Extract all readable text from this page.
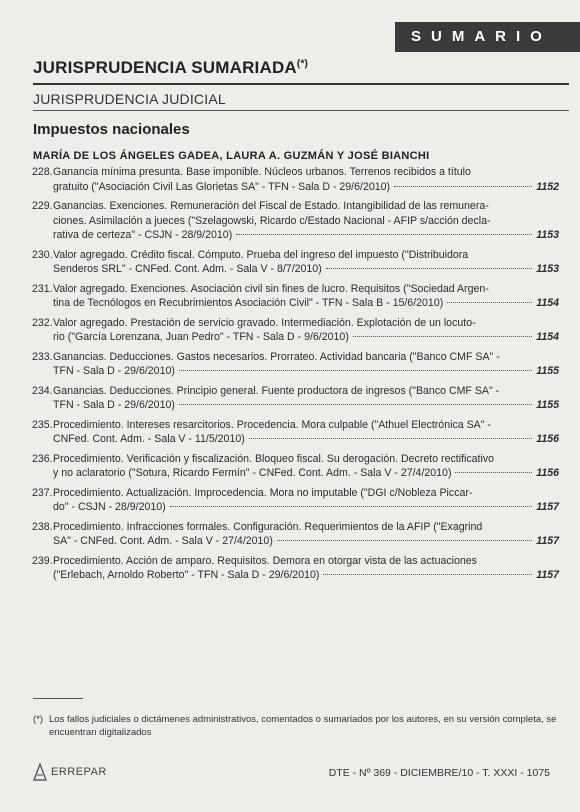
SUMARIO
JURISPRUDENCIA SUMARIADA(*)
JURISPRUDENCIA JUDICIAL
Impuestos nacionales
MARÍA DE LOS ÁNGELES GADEA, LAURA A. GUZMÁN Y JOSÉ BIANCHI
228. Ganancia mínima presunta. Base imponible. Núcleos urbanos. Terrenos recibidos a título
gratuito ("Asociación Civil Las Glorietas SA" - TFN - Sala D - 29/6/2010)	1152
229. Ganancias. Exenciones. Remuneración del Fiscal de Estado. Intangibilidad de las remunera-
ciones. Asimilación a jueces ("Szelagowski, Ricardo c/Estado Nacional - AFIP s/acción decla-
rativa de certeza" - CSJN - 28/9/2010)	1153
230. Valor agregado. Crédito fiscal. Cómputo. Prueba del ingreso del impuesto ("Distribuidora
Senderos SRL" - CNFed. Cont. Adm. - Sala V - 8/7/2010)	1153
231. Valor agregado. Exenciones. Asociación civil sin fines de lucro. Requisitos ("Sociedad Argen-
tina de Tecnólogos en Recubrimientos Asociación Civil" - TFN - Sala B - 15/6/2010)	1154
232. Valor agregado. Prestación de servicio gravado. Intermediación. Explotación de un locuto-
rio ("García Lorenzana, Juan Pedro" - TFN - Sala D - 9/6/2010)	1154
233. Ganancias. Deducciones. Gastos necesarios. Prorrateo. Actividad bancaria ("Banco CMF SA" -
TFN - Sala D - 29/6/2010)	1155
234. Ganancias. Deducciones. Principio general. Fuente productora de ingresos ("Banco CMF SA" -
TFN - Sala D - 29/6/2010)	1155
235. Procedimiento. Intereses resarcitorios. Procedencia. Mora culpable ("Athuel Electrónica SA" -
CNFed. Cont. Adm. - Sala V - 11/5/2010)	1156
236. Procedimiento. Verificación y fiscalización. Bloqueo fiscal. Su derogación. Decreto rectificativo
y no aclaratorio ("Sotura, Ricardo Fermín" - CNFed. Cont. Adm. - Sala V - 27/4/2010)	1156
237. Procedimiento. Actualización. Improcedencia. Mora no imputable ("DGI c/Nobleza Piccar-
do" - CSJN - 28/9/2010)	1157
238. Procedimiento. Infracciones formales. Configuración. Requerimientos de la AFIP ("Exagrind
SA" - CNFed. Cont. Adm. - Sala V - 27/4/2010)	1157
239. Procedimiento. Acción de amparo. Requisitos. Demora en otorgar vista de las actuaciones
("Erlebach, Arnoldo Roberto" - TFN - Sala D - 29/6/2010)	1157
(*) Los fallos judiciales o dictámenes administrativos, comentados o sumariados por los autores, en su versión completa, se encuentran digitalizados
ERREPAR	DTE - Nº 369 - DICIEMBRE/10 - T. XXXI - 1075
